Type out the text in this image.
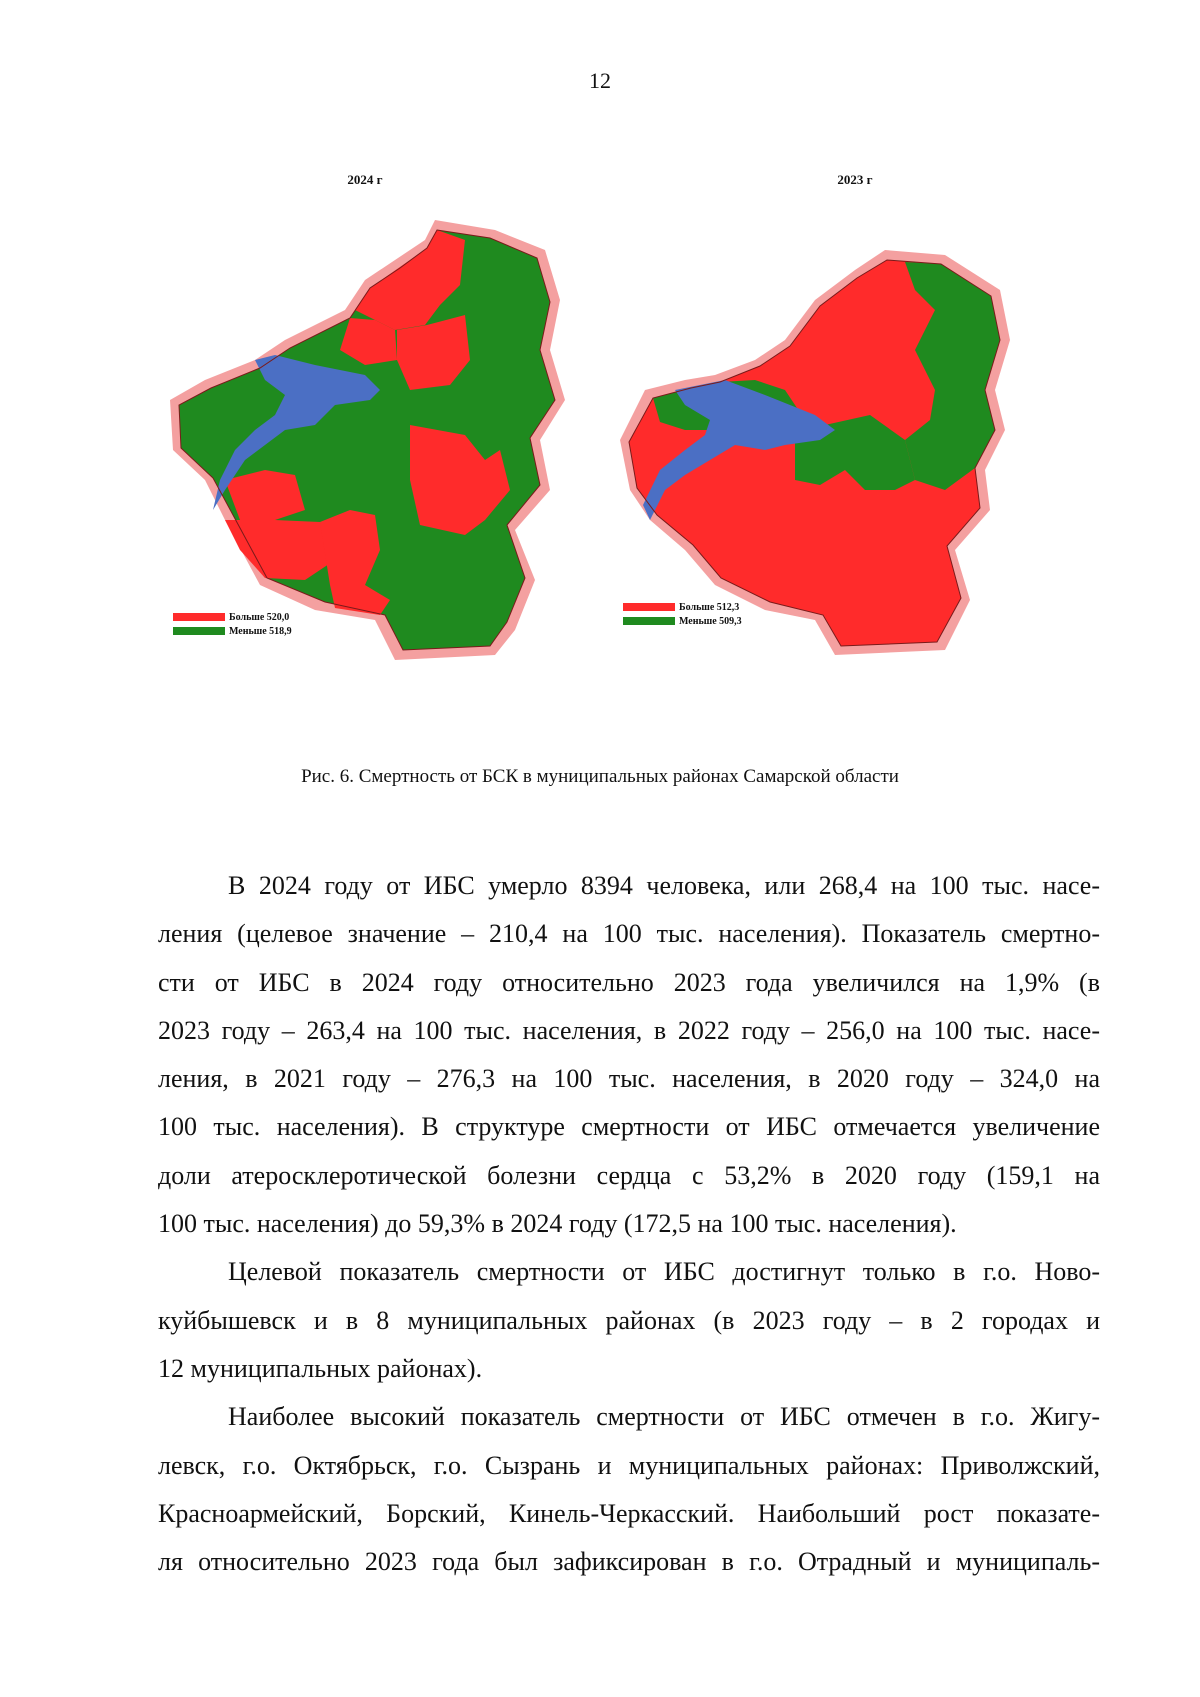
12
2024 г
Больше 520,0
Меньше 518,9
2023 г
Больше 512,3
Меньше 509,3
Рис. 6. Смертность от БСК в муниципальных районах Самарской области

В 2024 году от ИБС умерло 8394 человека, или 268,4 на 100 тыс. насе-
ления (целевое значение – 210,4 на 100 тыс. населения). Показатель смертно-
сти от ИБС в 2024 году относительно 2023 года увеличился на 1,9% (в
2023 году – 263,4 на 100 тыс. населения, в 2022 году – 256,0 на 100 тыс. насе-
ления, в 2021 году – 276,3 на 100 тыс. населения, в 2020 году – 324,0 на
100 тыс. населения). В структуре смертности от ИБС отмечается увеличение
доли атеросклеротической болезни сердца с 53,2% в 2020 году (159,1 на
100 тыс. населения) до 59,3% в 2024 году (172,5 на 100 тыс. населения).

Целевой показатель смертности от ИБС достигнут только в г.о. Ново-
куйбышевск и в 8 муниципальных районах (в 2023 году – в 2 городах и
12 муниципальных районах).

Наиболее высокий показатель смертности от ИБС отмечен в г.о. Жигу-
левск, г.о. Октябрьск, г.о. Сызрань и муниципальных районах: Приволжский,
Красноармейский, Борский, Кинель-Черкасский. Наибольший рост показате-
ля относительно 2023 года был зафиксирован в г.о. Отрадный и муниципаль-
